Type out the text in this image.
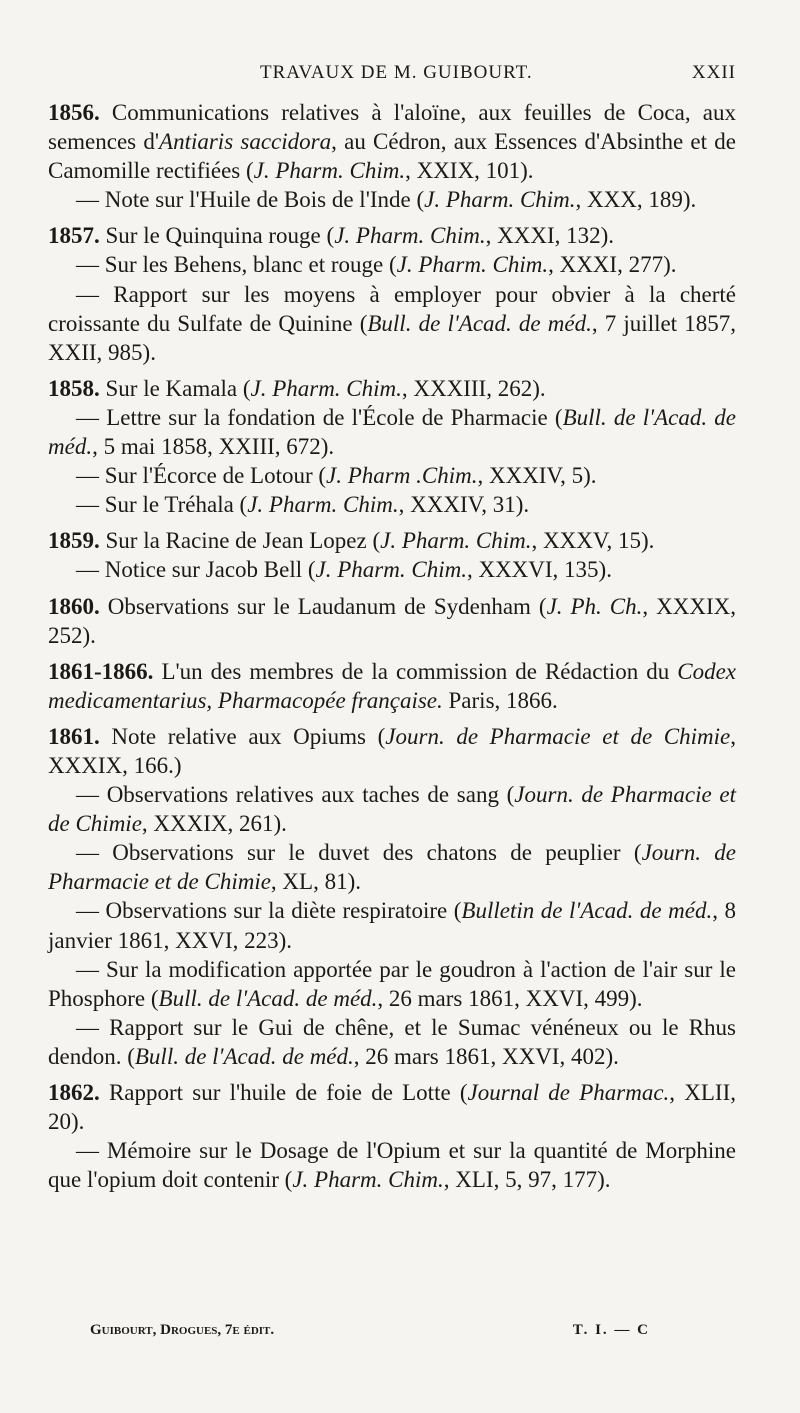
TRAVAUX DE M. GUIBOURT.	XXII

1856. Communications relatives à l'aloïne, aux feuilles de Coca, aux semences d'Antiaris saccidora, au Cédron, aux Essences d'Absinthe et de Camomille rectifiées (J. Pharm. Chim., XXIX, 101).

— Note sur l'Huile de Bois de l'Inde (J. Pharm. Chim., XXX, 189).

1857. Sur le Quinquina rouge (J. Pharm. Chim., XXXI, 132).

— Sur les Behens, blanc et rouge (J. Pharm. Chim., XXXI, 277).

— Rapport sur les moyens à employer pour obvier à la cherté croissante du Sulfate de Quinine (Bull. de l'Acad. de méd., 7 juillet 1857, XXII, 985).

1858. Sur le Kamala (J. Pharm. Chim., XXXIII, 262).

— Lettre sur la fondation de l'École de Pharmacie (Bull. de l'Acad. de méd., 5 mai 1858, XXIII, 672).

— Sur l'Écorce de Lotour (J. Pharm .Chim., XXXIV, 5).

— Sur le Tréhala (J. Pharm. Chim., XXXIV, 31).

1859. Sur la Racine de Jean Lopez (J. Pharm. Chim., XXXV, 15).

— Notice sur Jacob Bell (J. Pharm. Chim., XXXVI, 135).

1860. Observations sur le Laudanum de Sydenham (J. Ph. Ch., XXXIX, 252).

1861-1866. L'un des membres de la commission de Rédaction du Codex medicamentarius, Pharmacopée française. Paris, 1866.

1861. Note relative aux Opiums (Journ. de Pharmacie et de Chimie, XXXIX, 166.)

— Observations relatives aux taches de sang (Journ. de Pharmacie et de Chimie, XXXIX, 261).

— Observations sur le duvet des chatons de peuplier (Journ. de Pharmacie et de Chimie, XL, 81).

— Observations sur la diète respiratoire (Bulletin de l'Acad. de méd., 8 janvier 1861, XXVI, 223).

— Sur la modification apportée par le goudron à l'action de l'air sur le Phosphore (Bull. de l'Acad. de méd., 26 mars 1861, XXVI, 499).

— Rapport sur le Gui de chêne, et le Sumac vénéneux ou le Rhus dendon. (Bull. de l'Acad. de méd., 26 mars 1861, XXVI, 402).

1862. Rapport sur l'huile de foie de Lotte (Journal de Pharmac., XLII, 20).

— Mémoire sur le Dosage de l'Opium et sur la quantité de Morphine que l'opium doit contenir (J. Pharm. Chim., XLI, 5, 97, 177).

Guibourt, Drogues, 7e édit.	T. I. — C
